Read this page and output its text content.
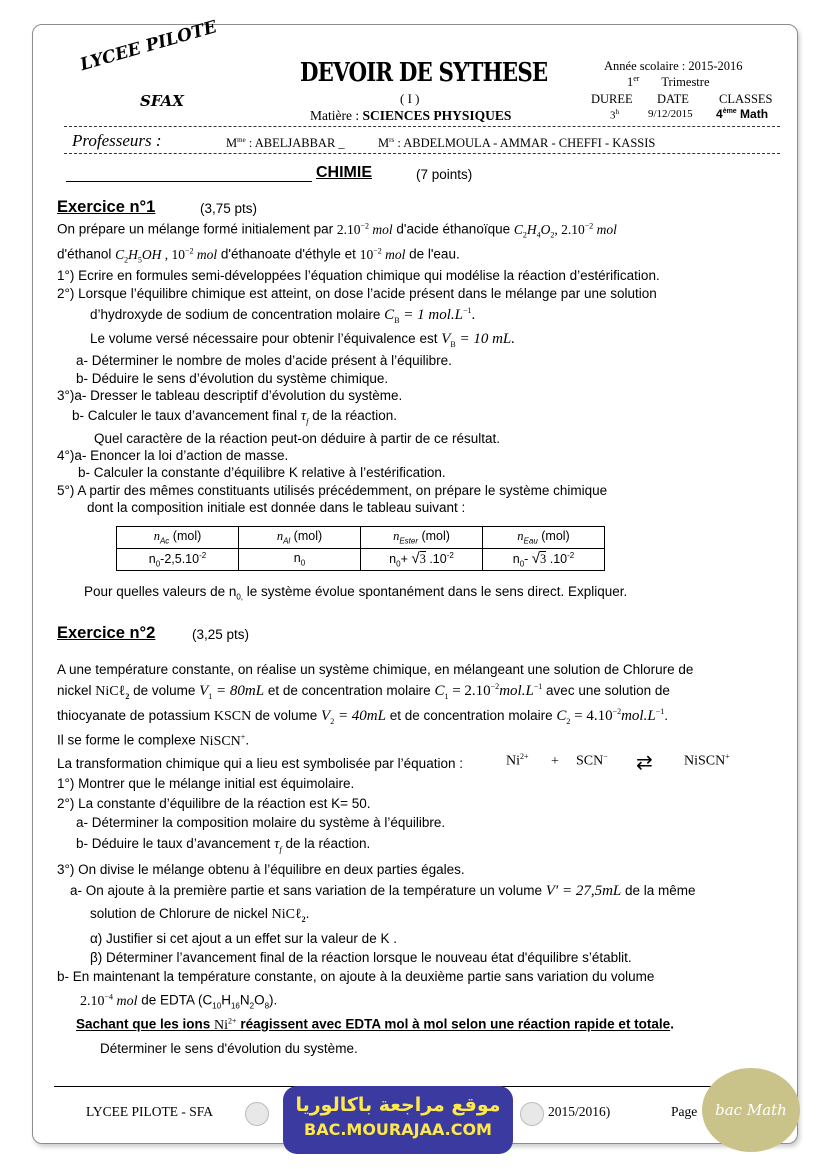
LYCEE PILOTE
SFAX
DEVOIR DE SYTHESE
( I )
Matière : SCIENCES PHYSIQUES
Année scolaire : 2015-2016
1er Trimestre
DUREE DATE CLASSES
3$^h$	9/12/2015 4ème Math
Professeurs :	$M^{me}$ : ABELJABBAR _	$M^{rs}$ : ABDELMOULA - AMMAR - CHEFFI - KASSIS
CHIMIE	(7 points)
Exercice n°1	(3,75 pts)
On prépare un mélange formé initialement par $2.10^{-2}$ mol d'acide éthanoïque $C_2H_4O_2$, $2.10^{-2}$ mol
d'éthanol $C_2H_5OH$ , $10^{-2}$ mol d'éthanoate d'éthyle et $10^{-2}$ mol de l'eau.
1°) Ecrire en formules semi-développées l’équation chimique qui modélise la réaction d’estérification.
2°) Lorsque l’équilibre chimique est atteint, on dose l’acide présent dans le mélange par une solution
d’hydroxyde de sodium de concentration molaire $C_B = 1$ $mol.L^{-1}$.
Le volume versé nécessaire pour obtenir l’équivalence est $V_B = 10$ mL.
a- Déterminer le nombre de moles d’acide présent à l’équilibre.
b- Déduire le sens d’évolution du système chimique.
3°)a- Dresser le tableau descriptif d’évolution du système.
b- Calculer le taux d’avancement final $\tau_f$ de la réaction.
Quel caractère de la réaction peut-on déduire à partir de ce résultat.
4°)a- Enoncer la loi d’action de masse.
b- Calculer la constante d’équilibre K relative à l’estérification.
5°) A partir des mêmes constituants utilisés précédemment, on prépare le système chimique
dont la composition initiale est donnée dans le tableau suivant :
$n_{Ac}$ (mol)	$n_{Al}$ (mol)	$n_{Ester}$ (mol)	$n_{Eau}$ (mol)
$n_0-2,5.10^{-2}$	$n_0$	$n_0+ √3$ $.10^{-2}$	$n_0-$ √3 $.10^{-2}$
Pour quelles valeurs de $n_{0,}$ le système évolue spontanément dans le sens direct. Expliquer.
Exercice n°2	(3,25 pts)
A une température constante, on réalise un système chimique, en mélangeant une solution de Chlorure de
nickel NiCℓ$_2$ de volume $V_1 = 80mL$ et de concentration molaire $C_1 = 2.10^{-2}mol.L^{-1}$ avec une solution de
thiocyanate de potassium KSCN de volume $V_2 = 40mL$ et de concentration molaire $C_2 = 4.10^{-2}mol.L^{-1}$.
Il se forme le complexe NiSCN+.
La transformation chimique qui a lieu est symbolisée par l’équation :	$Ni^{2+} + SCN^-$ ⇄ NiSCN+
1°) Montrer que le mélange initial est équimolaire.
2°) La constante d’équilibre de la réaction est K= 50.
a- Déterminer la composition molaire du système à l’équilibre.
b- Déduire le taux d’avancement $\tau_f$ de la réaction.
3°) On divise le mélange obtenu à l’équilibre en deux parties égales.
a- On ajoute à la première partie et sans variation de la température un volume V′ = 27,5mL de la même
solution de Chlorure de nickel NiCℓ$_2$.
α) Justifier si cet ajout a un effet sur la valeur de K .
β) Déterminer l’avancement final de la réaction lorsque le nouveau état d'équilibre s’établit.
b- En maintenant la température constante, on ajoute à la deuxième partie sans variation du volume
$2.10^{-4}$ mol de EDTA $(C_{10}H_{16}N_2O_8)$.
Sachant que les ions $Ni^{2+}$ réagissent avec EDTA mol à mol selon une réaction rapide et totale.
Déterminer le sens d'évolution du système.
LYCEE PILOTE - SFA	2015/2016)	Page
موقع مراجعة باكالوريا
BAC.MOURAJAA.COM
bac Math
